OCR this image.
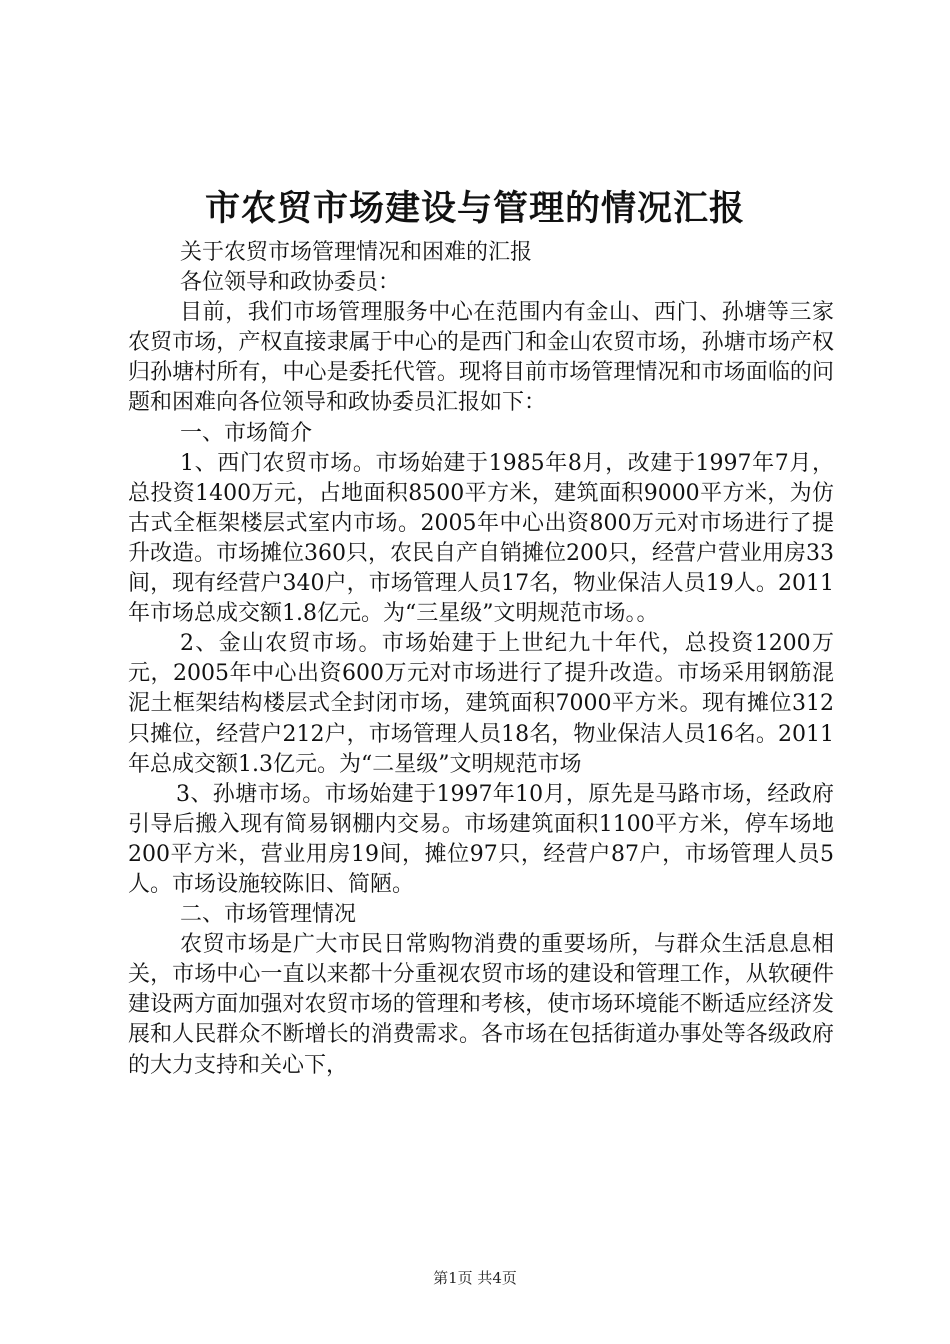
市农贸市场建设与管理的情况汇报

关于农贸市场管理情况和困难的汇报

各位领导和政协委员：

目前，我们市场管理服务中心在范围内有金山、西门、孙塘等三家农贸市场，产权直接隶属于中心的是西门和金山农贸市场，孙塘市场产权归孙塘村所有，中心是委托代管。现将目前市场管理情况和市场面临的问题和困难向各位领导和政协委员汇报如下：

一、市场简介

1、西门农贸市场。市场始建于1985年8月，改建于1997年7月，总投资1400万元，占地面积8500平方米，建筑面积9000平方米，为仿古式全框架楼层式室内市场。2005年中心出资800万元对市场进行了提升改造。市场摊位360只，农民自产自销摊位200只，经营户营业用房33间，现有经营户340户，市场管理人员17名，物业保洁人员19人。2011年市场总成交额1.8亿元。为“三星级”文明规范市场。。

2、金山农贸市场。市场始建于上世纪九十年代，总投资1200万元，2005年中心出资600万元对市场进行了提升改造。市场采用钢筋混泥土框架结构楼层式全封闭市场，建筑面积7000平方米。现有摊位312只摊位，经营户212户，市场管理人员18名，物业保洁人员16名。2011年总成交额1.3亿元。为“二星级”文明规范市场

3、孙塘市场。市场始建于1997年10月，原先是马路市场，经政府引导后搬入现有简易钢棚内交易。市场建筑面积1100平方米，停车场地200平方米，营业用房19间，摊位97只，经营户87户，市场管理人员5人。市场设施较陈旧、简陋。

二、市场管理情况

农贸市场是广大市民日常购物消费的重要场所，与群众生活息息相关，市场中心一直以来都十分重视农贸市场的建设和管理工作，从软硬件建设两方面加强对农贸市场的管理和考核，使市场环境能不断适应经济发展和人民群众不断增长的消费需求。各市场在包括街道办事处等各级政府的大力支持和关心下，

第1页 共4页
